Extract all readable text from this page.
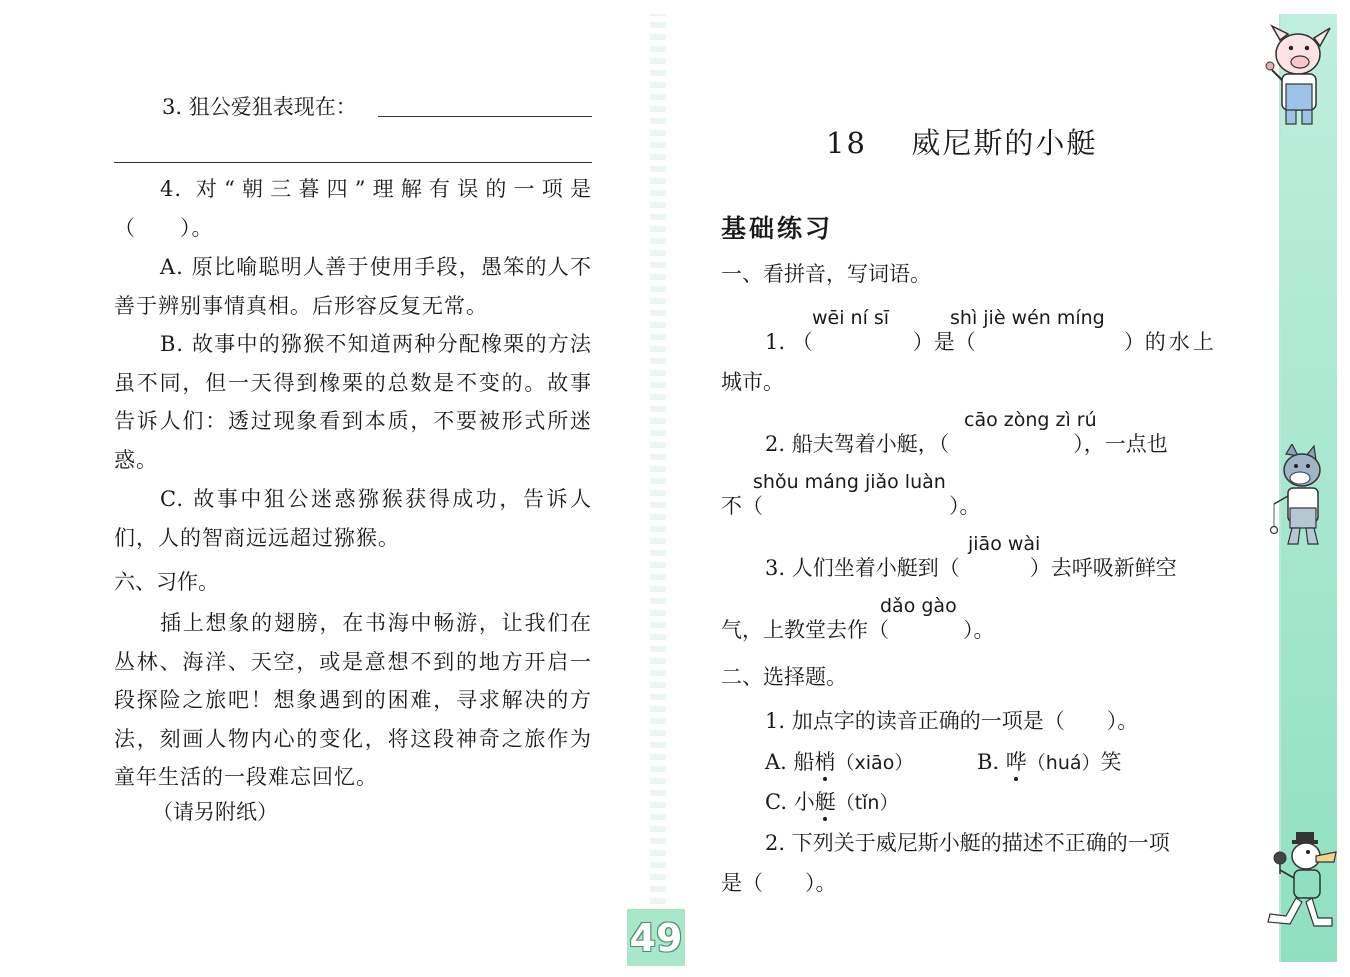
3. 狙公爱狙表现在：

4. 对“朝三暮四”理解有误的一项是（　　）。

A. 原比喻聪明人善于使用手段，愚笨的人不善于辨别事情真相。后形容反复无常。

B. 故事中的猕猴不知道两种分配橡栗的方法虽不同，但一天得到橡栗的总数是不变的。故事告诉人们：透过现象看到本质，不要被形式所迷惑。

C. 故事中狙公迷惑猕猴获得成功，告诉人们，人的智商远远超过猕猴。

六、习作。

插上想象的翅膀，在书海中畅游，让我们在丛林、海洋、天空，或是意想不到的地方开启一段探险之旅吧！想象遇到的困难，寻求解决的方法，刻画人物内心的变化，将这段神奇之旅作为童年生活的一段难忘回忆。

（请另附纸）

18 威尼斯的小艇
基础练习

一、看拼音，写词语。

wēi ní sī	shì jiè wén míng

1. （	）是（	）的水上

城市。

cāo zòng zì rú

2. 船夫驾着小艇，（	），一点也

shǒu máng jiǎo luàn

不（	）。

jiāo wài

3. 人们坐着小艇到（	）去呼吸新鲜空

dǎo gào

气，上教堂去作（	）。

二、选择题。

1. 加点字的读音正确的一项是（　　）。

A. 船梢（xiāo）	B. 哗（huá）笑

C. 小艇（tǐn）

2. 下列关于威尼斯小艇的描述不正确的一项

是（　　）。

49
